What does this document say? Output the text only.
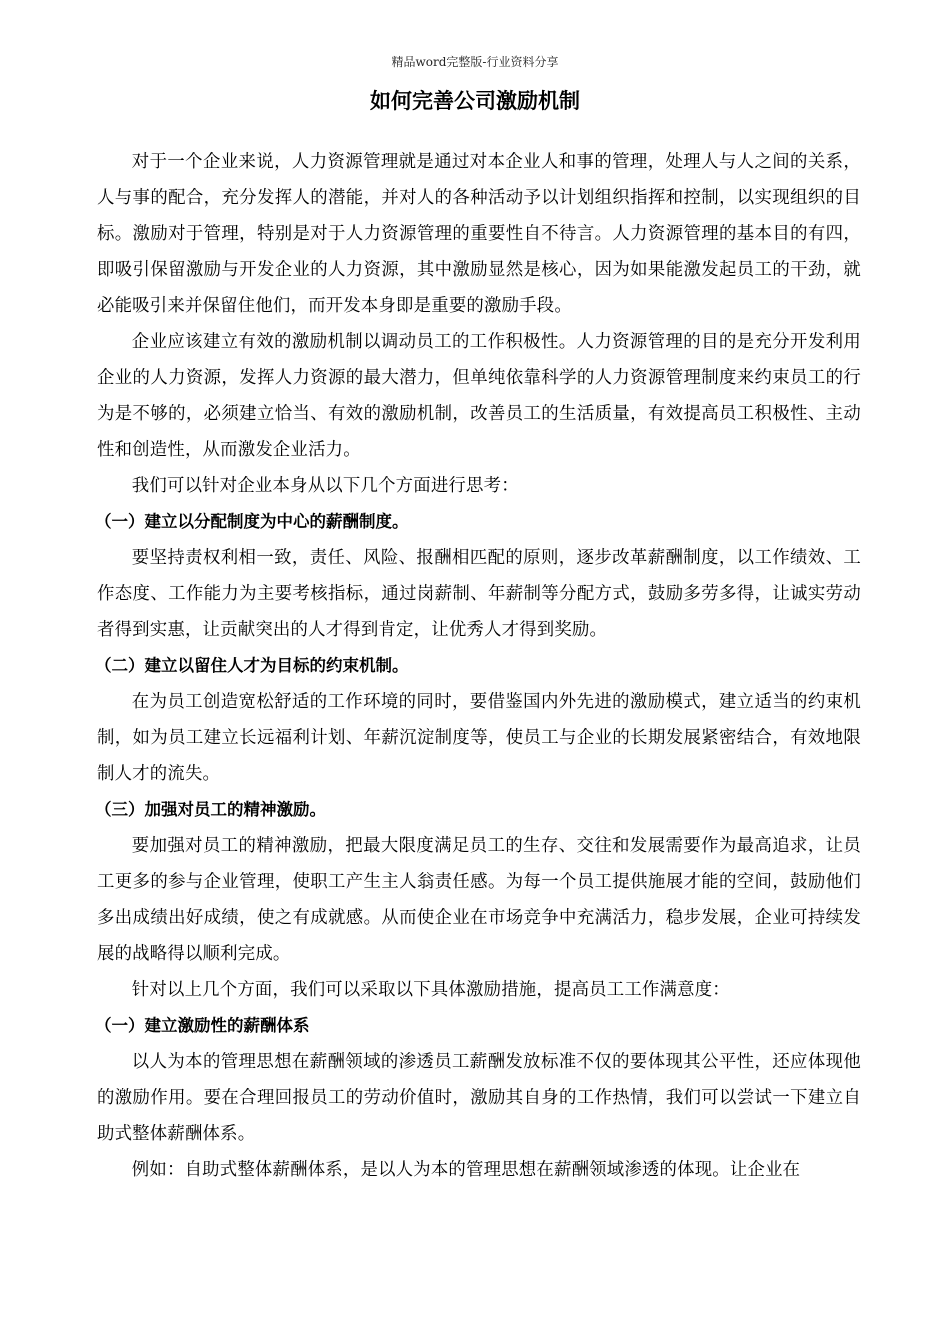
精品word完整版-行业资料分享
如何完善公司激励机制

对于一个企业来说，人力资源管理就是通过对本企业人和事的管理，处理人与人之间的关系，人与事的配合，充分发挥人的潜能，并对人的各种活动予以计划组织指挥和控制，以实现组织的目标。激励对于管理，特别是对于人力资源管理的重要性自不待言。人力资源管理的基本目的有四，即吸引保留激励与开发企业的人力资源，其中激励显然是核心，因为如果能激发起员工的干劲，就必能吸引来并保留住他们，而开发本身即是重要的激励手段。

企业应该建立有效的激励机制以调动员工的工作积极性。人力资源管理的目的是充分开发利用企业的人力资源，发挥人力资源的最大潜力，但单纯依靠科学的人力资源管理制度来约束员工的行为是不够的，必须建立恰当、有效的激励机制，改善员工的生活质量，有效提高员工积极性、主动性和创造性，从而激发企业活力。

我们可以针对企业本身从以下几个方面进行思考：

（一）建立以分配制度为中心的薪酬制度。

要坚持责权利相一致，责任、风险、报酬相匹配的原则，逐步改革薪酬制度，以工作绩效、工作态度、工作能力为主要考核指标，通过岗薪制、年薪制等分配方式，鼓励多劳多得，让诚实劳动者得到实惠，让贡献突出的人才得到肯定，让优秀人才得到奖励。

（二）建立以留住人才为目标的约束机制。

在为员工创造宽松舒适的工作环境的同时，要借鉴国内外先进的激励模式，建立适当的约束机制，如为员工建立长远福利计划、年薪沉淀制度等，使员工与企业的长期发展紧密结合，有效地限制人才的流失。

（三）加强对员工的精神激励。

要加强对员工的精神激励，把最大限度满足员工的生存、交往和发展需要作为最高追求，让员工更多的参与企业管理，使职工产生主人翁责任感。为每一个员工提供施展才能的空间，鼓励他们多出成绩出好成绩，使之有成就感。从而使企业在市场竞争中充满活力，稳步发展，企业可持续发展的战略得以顺利完成。

针对以上几个方面，我们可以采取以下具体激励措施，提高员工工作满意度：

（一）建立激励性的薪酬体系

以人为本的管理思想在薪酬领域的渗透员工薪酬发放标准不仅的要体现其公平性，还应体现他的激励作用。要在合理回报员工的劳动价值时，激励其自身的工作热情，我们可以尝试一下建立自助式整体薪酬体系。

例如：自助式整体薪酬体系，是以人为本的管理思想在薪酬领域渗透的体现。让企业在
